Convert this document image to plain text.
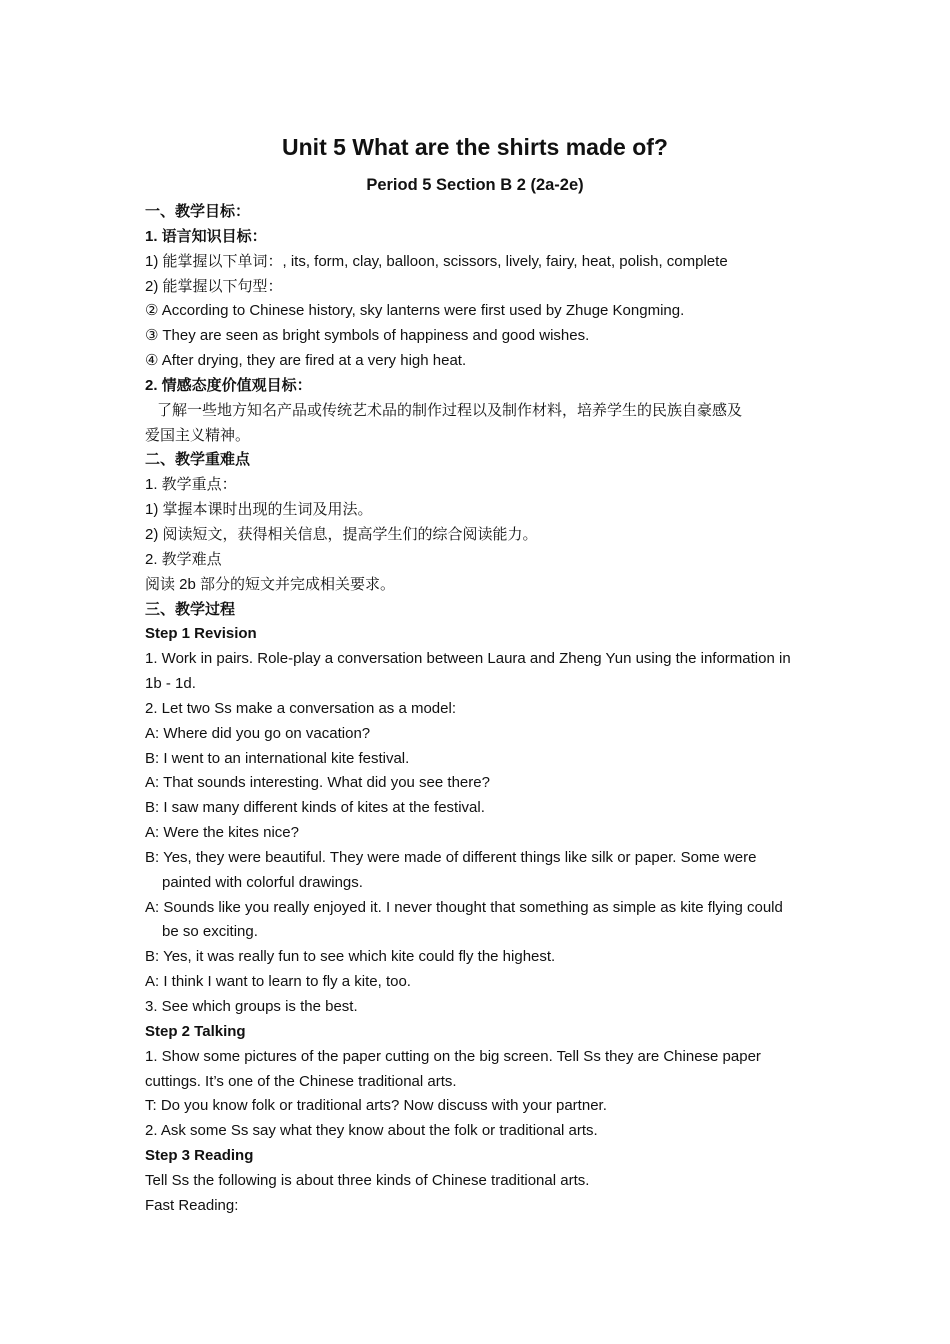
Unit 5 What are the shirts made of?
Period 5 Section B 2 (2a-2e)
一、教学目标：
1. 语言知识目标：
1) 能掌握以下单词：, its, form, clay, balloon, scissors, lively, fairy, heat, polish, complete
2) 能掌握以下句型：
② According to Chinese history, sky lanterns were first used by Zhuge Kongming.
③ They are seen as bright symbols of happiness and good wishes.
④ After drying, they are fired at a very high heat.
2. 情感态度价值观目标：
了解一些地方知名产品或传统艺术品的制作过程以及制作材料，培养学生的民族自豪感及
爱国主义精神。
二、教学重难点
1. 教学重点：
1) 掌握本课时出现的生词及用法。
2) 阅读短文，获得相关信息，提高学生们的综合阅读能力。
2. 教学难点
阅读 2b 部分的短文并完成相关要求。
三、教学过程
Step 1 Revision
1. Work in pairs. Role-play a conversation between Laura and Zheng Yun using the information in
1b - 1d.
2. Let two Ss make a conversation as a model:
A: Where did you go on vacation?
B: I went to an international kite festival.
A: That sounds interesting. What did you see there?
B: I saw many different kinds of kites at the festival.
A: Were the kites nice?
B: Yes, they were beautiful. They were made of different things like silk or paper. Some were
painted with colorful drawings.
A: Sounds like you really enjoyed it. I never thought that something as simple as kite flying could
be so exciting.
B: Yes, it was really fun to see which kite could fly the highest.
A: I think I want to learn to fly a kite, too.
3. See which groups is the best.
Step 2 Talking
1. Show some pictures of the paper cutting on the big screen. Tell Ss they are Chinese paper
cuttings. It’s one of the Chinese traditional arts.
T: Do you know folk or traditional arts? Now discuss with your partner.
2. Ask some Ss say what they know about the folk or traditional arts.
Step 3 Reading
Tell Ss the following is about three kinds of Chinese traditional arts.
Fast Reading:
